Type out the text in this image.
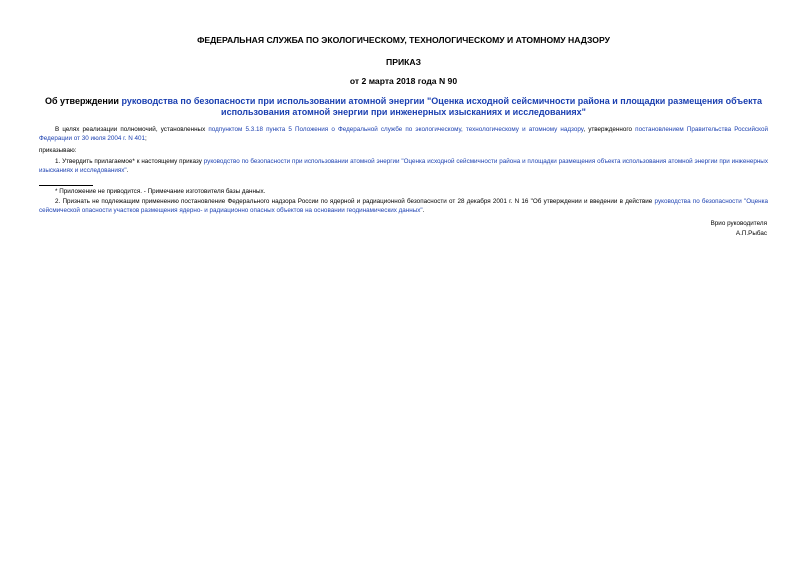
ФЕДЕРАЛЬНАЯ СЛУЖБА ПО ЭКОЛОГИЧЕСКОМУ, ТЕХНОЛОГИЧЕСКОМУ И АТОМНОМУ НАДЗОРУ
ПРИКАЗ
от 2 марта 2018 года N 90
Об утверждении руководства по безопасности при использовании атомной энергии "Оценка исходной сейсмичности района и площадки размещения объекта использования атомной энергии при инженерных изысканиях и исследованиях"
В целях реализации полномочий, установленных подпунктом 5.3.18 пункта 5 Положения о Федеральной службе по экологическому, технологическому и атомному надзору, утвержденного постановлением Правительства Российской Федерации от 30 июля 2004 г. N 401;
приказываю:
1. Утвердить прилагаемое* к настоящему приказу руководство по безопасности при использовании атомной энергии "Оценка исходной сейсмичности района и площадки размещения объекта использования атомной энергии при инженерных изысканиях и исследованиях".
* Приложение не приводится. - Примечание изготовителя базы данных.
2. Признать не подлежащим применению постановление Федерального надзора России по ядерной и радиационной безопасности от 28 декабря 2001 г. N 16 "Об утверждении и введении в действие руководства по безопасности "Оценка сейсмической опасности участков размещения ядерно- и радиационно опасных объектов на основании геодинамических данных".
Врио руководителя
А.П.Рыбас
